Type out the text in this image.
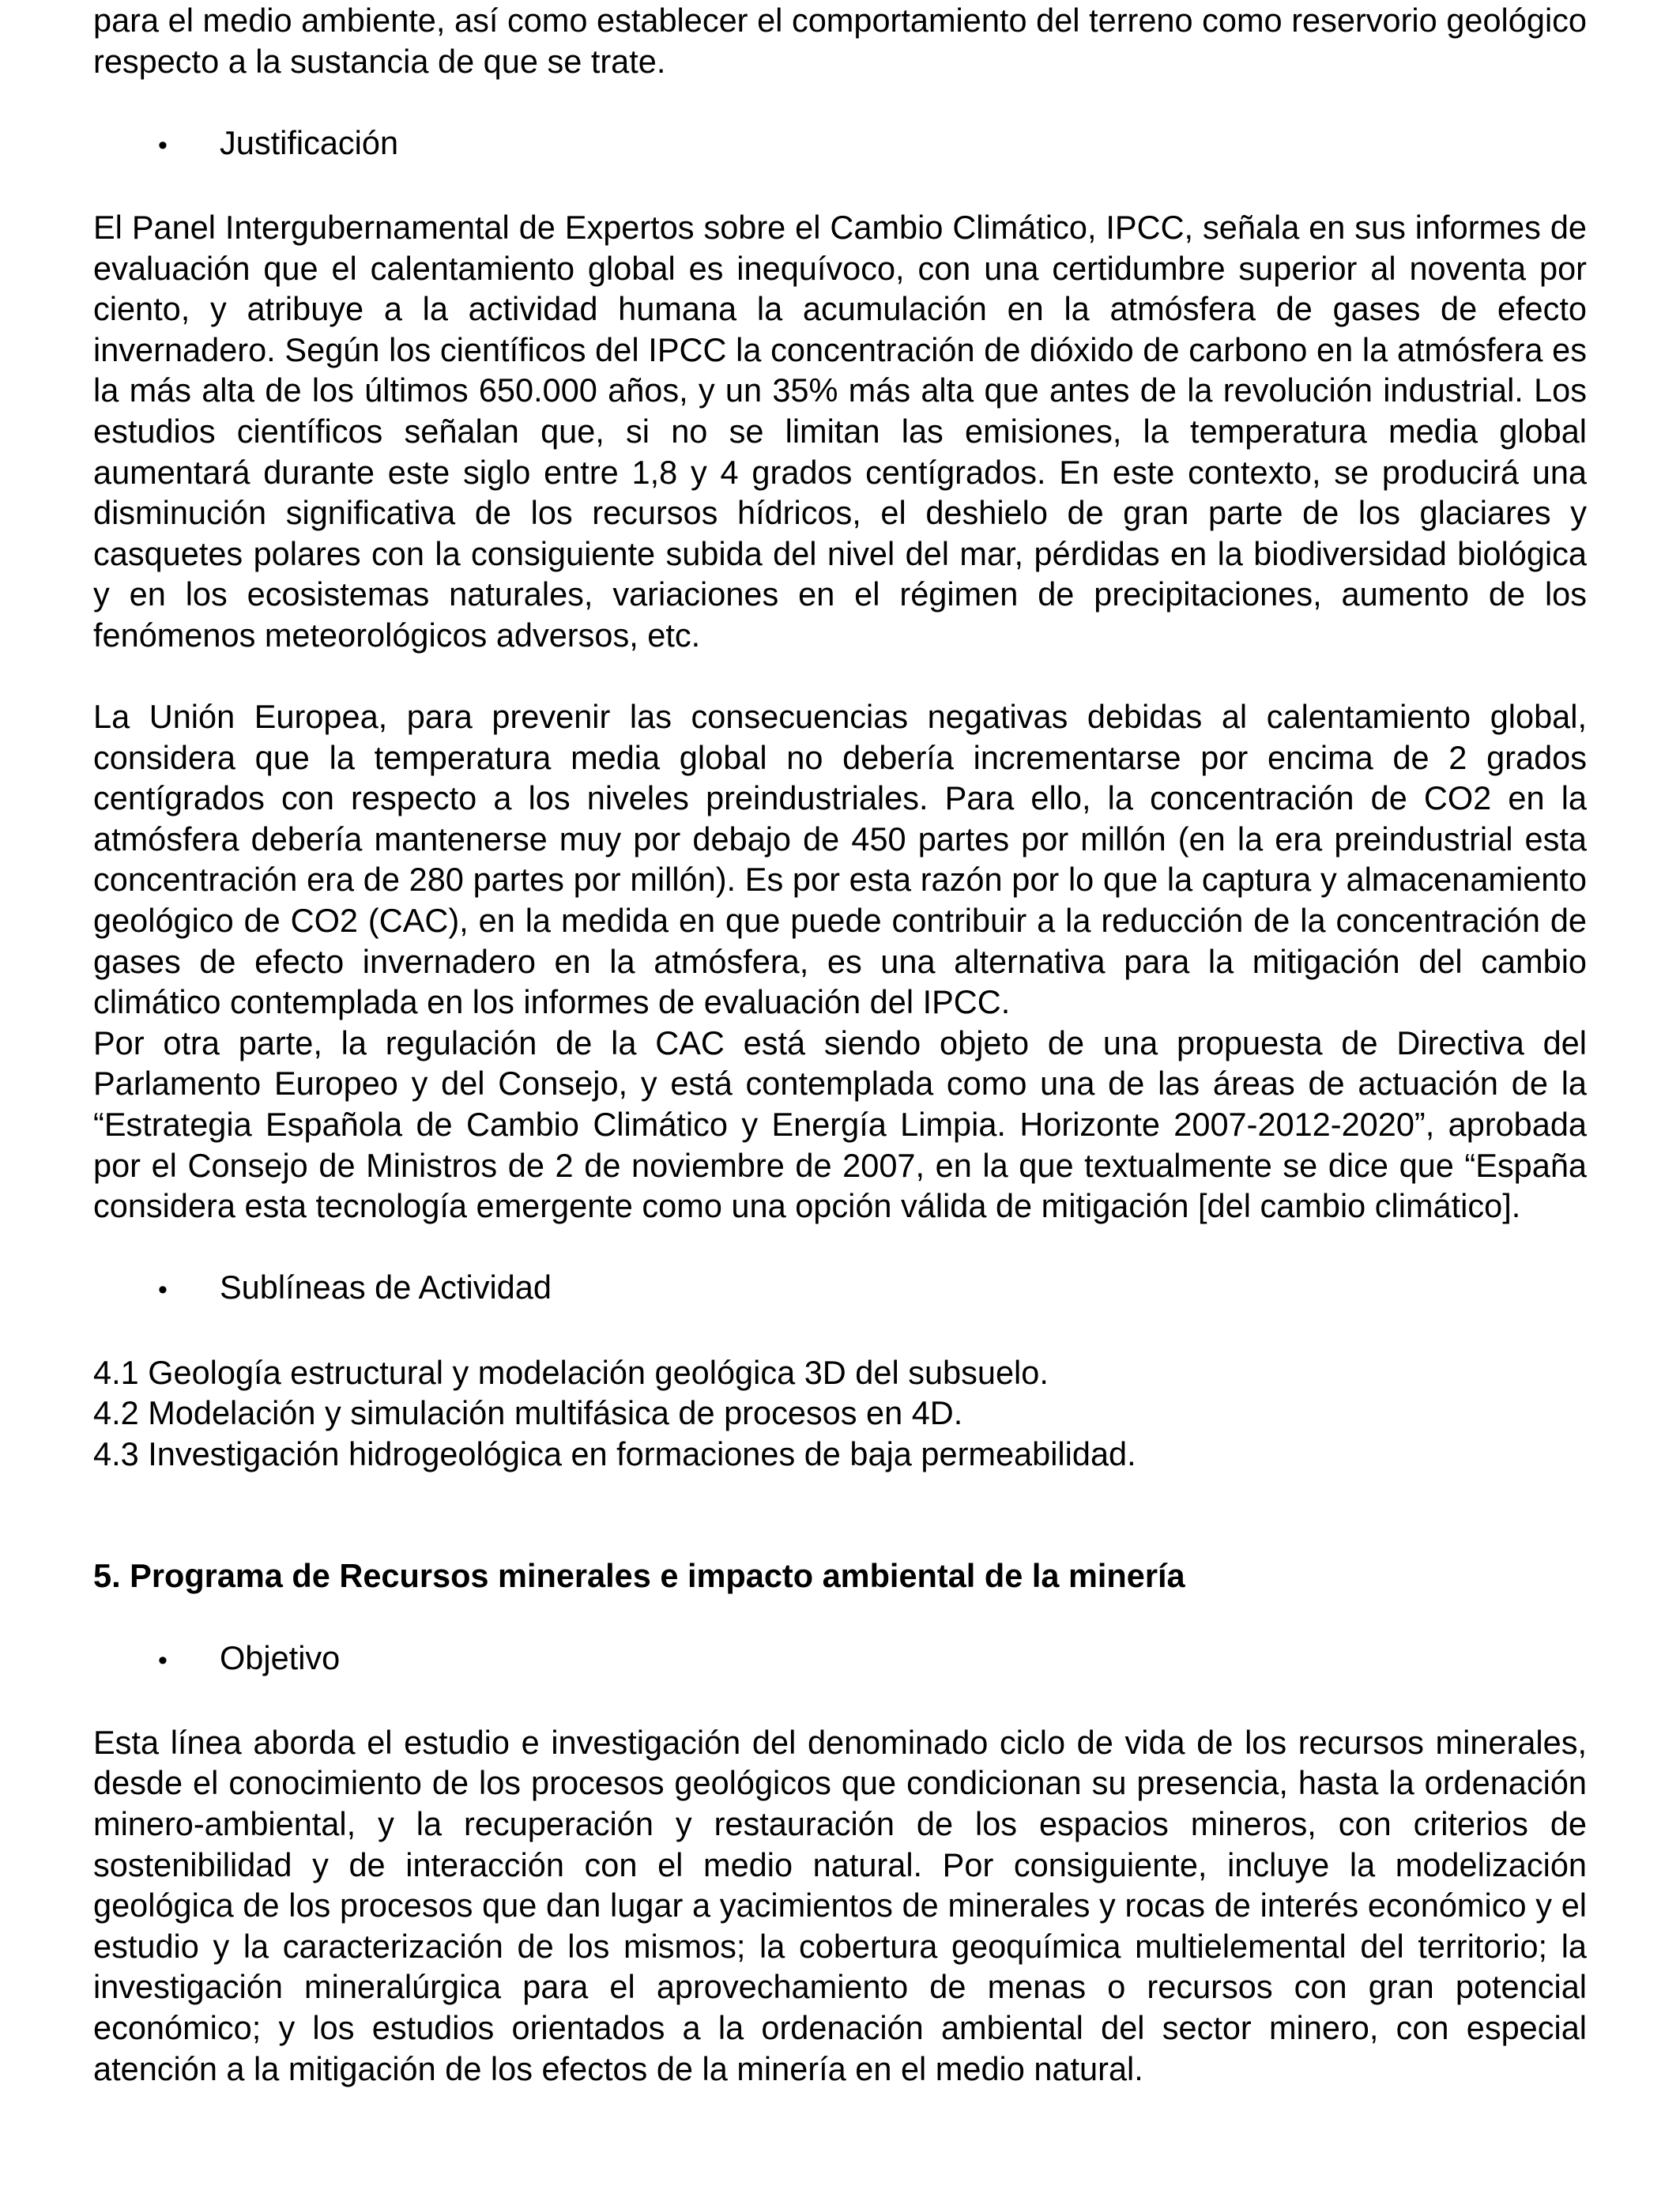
para el medio ambiente, así como establecer el comportamiento del terreno como reservorio geológico respecto a la sustancia de que se trate.

•	Justificación

El Panel Intergubernamental de Expertos sobre el Cambio Climático, IPCC, señala en sus informes de evaluación que el calentamiento global es inequívoco, con una certidumbre superior al noventa por ciento, y atribuye a la actividad humana la acumulación en la atmósfera de gases de efecto invernadero. Según los científicos del IPCC la concentración de dióxido de carbono en la atmósfera es la más alta de los últimos 650.000 años, y un 35% más alta que antes de la revolución industrial. Los estudios científicos señalan que, si no se limitan las emisiones, la temperatura media global aumentará durante este siglo entre 1,8 y 4 grados centígrados. En este contexto, se producirá una disminución significativa de los recursos hídricos, el deshielo de gran parte de los glaciares y casquetes polares con la consiguiente subida del nivel del mar, pérdidas en la biodiversidad biológica y en los ecosistemas naturales, variaciones en el régimen de precipitaciones, aumento de los fenómenos meteorológicos adversos, etc.

La Unión Europea, para prevenir las consecuencias negativas debidas al calentamiento global, considera que la temperatura media global no debería incrementarse por encima de 2 grados centígrados con respecto a los niveles preindustriales. Para ello, la concentración de CO2 en la atmósfera debería mantenerse muy por debajo de 450 partes por millón (en la era preindustrial esta concentración era de 280 partes por millón). Es por esta razón por lo que la captura y almacenamiento geológico de CO2 (CAC), en la medida en que puede contribuir a la reducción de la concentración de gases de efecto invernadero en la atmósfera, es una alternativa para la mitigación del cambio climático contemplada en los informes de evaluación del IPCC.

Por otra parte, la regulación de la CAC está siendo objeto de una propuesta de Directiva del Parlamento Europeo y del Consejo, y está contemplada como una de las áreas de actuación de la “Estrategia Española de Cambio Climático y Energía Limpia. Horizonte 2007-2012-2020”, aprobada por el Consejo de Ministros de 2 de noviembre de 2007, en la que textualmente se dice que “España considera esta tecnología emergente como una opción válida de mitigación [del cambio climático].

•	Sublíneas de Actividad
4.1 Geología estructural y modelación geológica 3D del subsuelo.
4.2 Modelación y simulación multifásica de procesos en 4D.
4.3 Investigación hidrogeológica en formaciones de baja permeabilidad.

5. Programa de Recursos minerales e impacto ambiental de la minería

•	Objetivo

Esta línea aborda el estudio e investigación del denominado ciclo de vida de los recursos minerales, desde el conocimiento de los procesos geológicos que condicionan su presencia, hasta la ordenación minero-ambiental, y la recuperación y restauración de los espacios mineros, con criterios de sostenibilidad y de interacción con el medio natural. Por consiguiente, incluye la modelización geológica de los procesos que dan lugar a yacimientos de minerales y rocas de interés económico y el estudio y la caracterización de los mismos; la cobertura geoquímica multielemental del territorio; la investigación mineralúrgica para el aprovechamiento de menas o recursos con gran potencial económico; y los estudios orientados a la ordenación ambiental del sector minero, con especial atención a la mitigación de los efectos de la minería en el medio natural.
